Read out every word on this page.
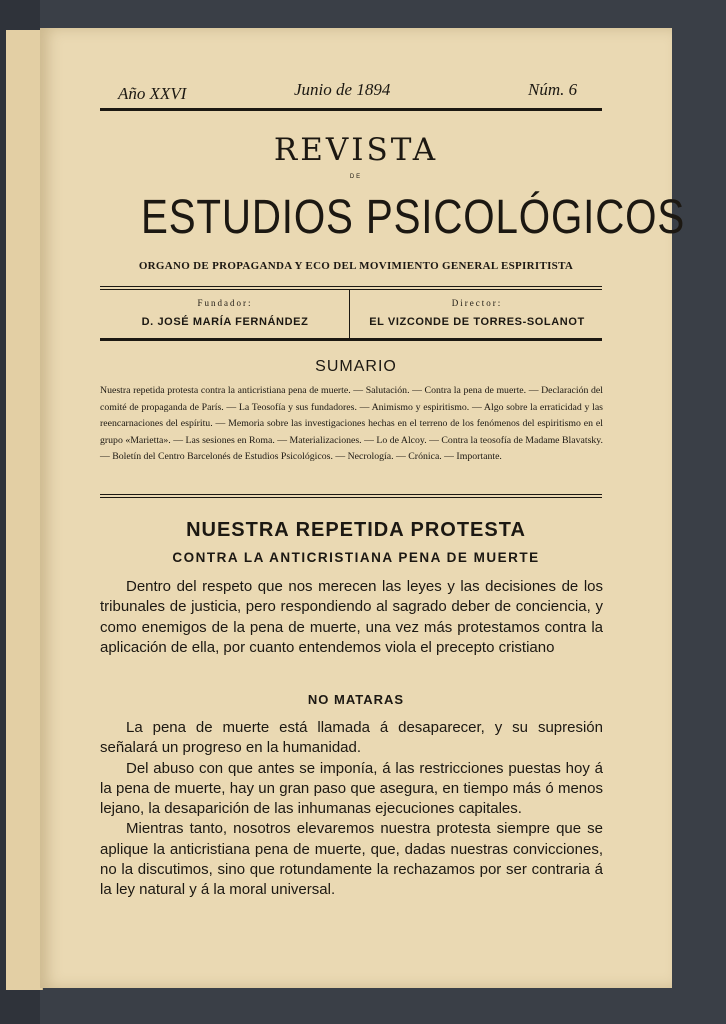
Año XXVI	Junio de 1894	Núm. 6
REVISTA
DE
ESTUDIOS PSICOLÓGICOS
ORGANO DE PROPAGANDA Y ECO DEL MOVIMIENTO GENERAL ESPIRITISTA
Fundador:
D. JOSÉ MARÍA FERNÁNDEZ
Director:
EL VIZCONDE DE TORRES-SOLANOT
SUMARIO
Nuestra repetida protesta contra la anticristiana pena de muerte. — Salutación. — Contra la pena de muerte. — Declaración del comité de propaganda de París. — La Teosofía y sus fundadores. — Animismo y espiritismo. — Algo sobre la erraticidad y las reencarnaciones del espíritu. — Memoria sobre las investigaciones hechas en el terreno de los fenómenos del espiritismo en el grupo «Marietta». — Las sesiones en Roma. — Materializaciones. — Lo de Alcoy. — Contra la teosofía de Madame Blavatsky. — Boletín del Centro Barcelonés de Estudios Psicológicos. — Necrología. — Crónica. — Importante.
NUESTRA REPETIDA PROTESTA
CONTRA LA ANTICRISTIANA PENA DE MUERTE

Dentro del respeto que nos merecen las leyes y las decisiones de los tribunales de justicia, pero respondiendo al sagrado deber de conciencia, y como enemigos de la pena de muerte, una vez más protestamos contra la aplicación de ella, por cuanto entendemos viola el precepto cristiano

NO MATARAS

La pena de muerte está llamada á desaparecer, y su supresión señalará un progreso en la humanidad.

Del abuso con que antes se imponía, á las restricciones puestas hoy á la pena de muerte, hay un gran paso que asegura, en tiempo más ó menos lejano, la desaparición de las inhumanas ejecuciones capitales.

Mientras tanto, nosotros elevaremos nuestra protesta siempre que se aplique la anticristiana pena de muerte, que, dadas nuestras convicciones, no la discutimos, sino que rotundamente la rechazamos por ser contraria á la ley natural y á la moral universal.
